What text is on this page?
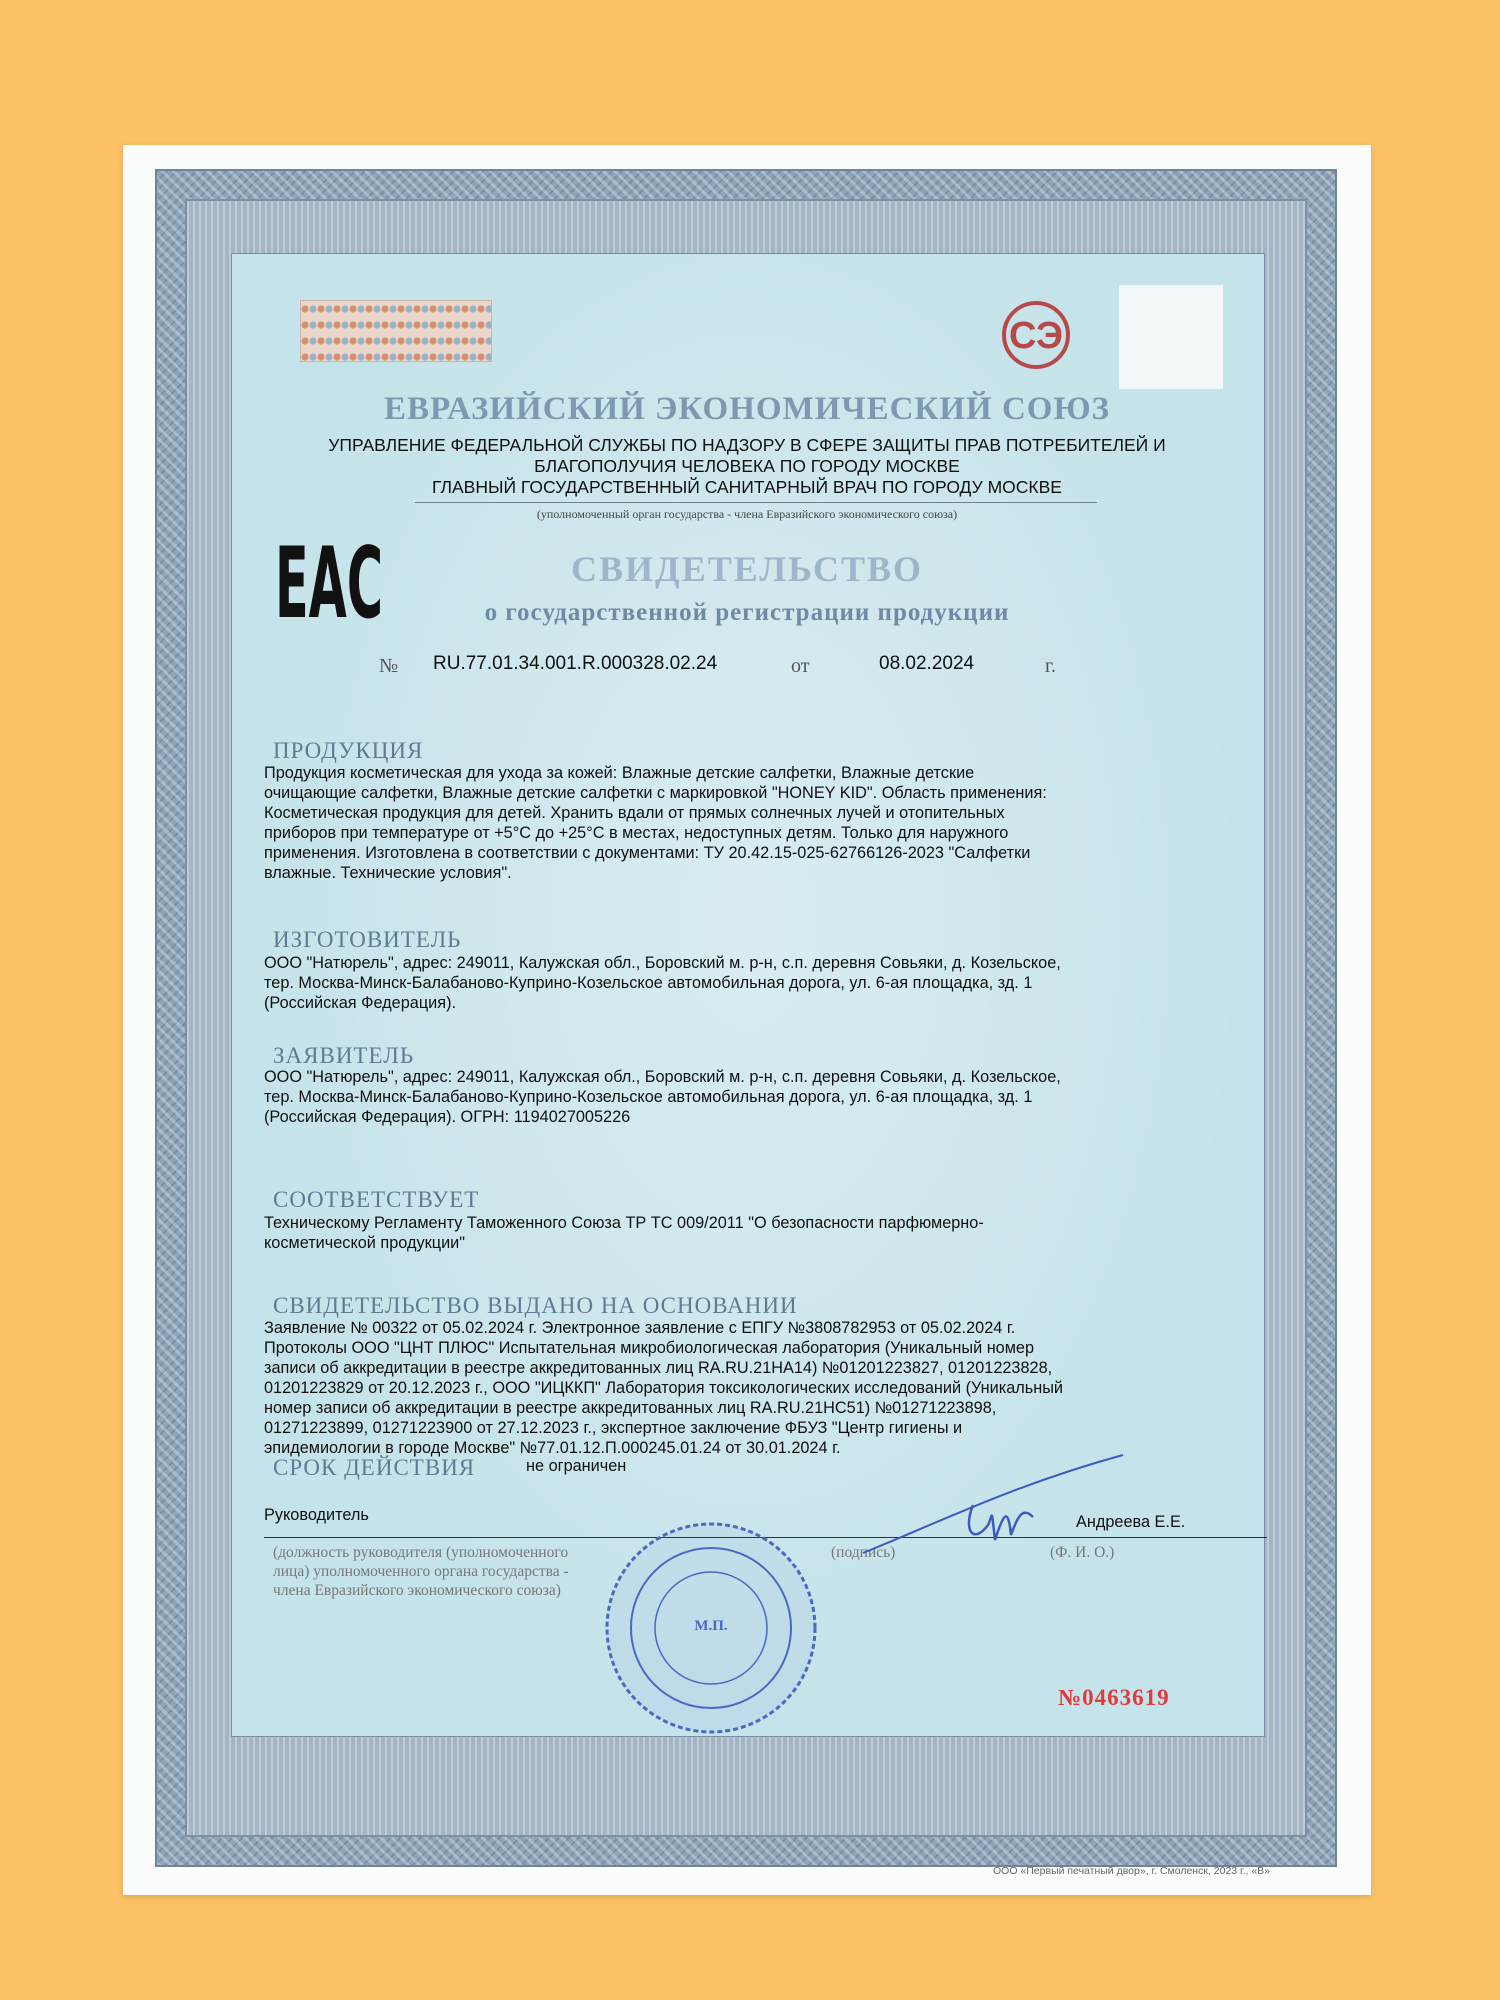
СЭ
ЕВРАЗИЙСКИЙ ЭКОНОМИЧЕСКИЙ СОЮЗ
УПРАВЛЕНИЕ ФЕДЕРАЛЬНОЙ СЛУЖБЫ ПО НАДЗОРУ В СФЕРЕ ЗАЩИТЫ ПРАВ ПОТРЕБИТЕЛЕЙ И
БЛАГОПОЛУЧИЯ ЧЕЛОВЕКА ПО ГОРОДУ МОСКВЕ
ГЛАВНЫЙ ГОСУДАРСТВЕННЫЙ САНИТАРНЫЙ ВРАЧ ПО ГОРОДУ МОСКВЕ
(уполномоченный орган государства - члена Евразийского экономического союза)
EAC	СВИДЕТЕЛЬСТВО
о государственной регистрации продукции
№ RU.77.01.34.001.R.000328.02.24	от	08.02.2024	г.
ПРОДУКЦИЯ
Продукция косметическая для ухода за кожей: Влажные детские салфетки, Влажные детские
очищающие салфетки, Влажные детские салфетки с маркировкой "HONEY KID". Область применения:
Косметическая продукция для детей. Хранить вдали от прямых солнечных лучей и отопительных
приборов при температуре от +5°С до +25°С в местах, недоступных детям. Только для наружного
применения. Изготовлена в соответствии с документами: ТУ 20.42.15-025-62766126-2023 "Салфетки
влажные. Технические условия".
ИЗГОТОВИТЕЛЬ
ООО "Натюрель", адрес: 249011, Калужская обл., Боровский м. р-н, с.п. деревня Совьяки, д. Козельское,
тер. Москва-Минск-Балабаново-Куприно-Козельское автомобильная дорога, ул. 6-ая площадка, зд. 1
(Российская Федерация).
ЗАЯВИТЕЛЬ
ООО "Натюрель", адрес: 249011, Калужская обл., Боровский м. р-н, с.п. деревня Совьяки, д. Козельское,
тер. Москва-Минск-Балабаново-Куприно-Козельское автомобильная дорога, ул. 6-ая площадка, зд. 1
(Российская Федерация). ОГРН: 1194027005226
СООТВЕТСТВУЕТ
Техническому Регламенту Таможенного Союза ТР ТС 009/2011 "О безопасности парфюмерно-
косметической продукции"
СВИДЕТЕЛЬСТВО ВЫДАНО НА ОСНОВАНИИ
Заявление № 00322 от 05.02.2024 г. Электронное заявление с ЕПГУ №3808782953 от 05.02.2024 г.
Протоколы ООО "ЦНТ ПЛЮС" Испытательная микробиологическая лаборатория (Уникальный номер
записи об аккредитации в реестре аккредитованных лиц RA.RU.21HA14) №01201223827, 01201223828,
01201223829 от 20.12.2023 г., ООО "ИЦККП" Лаборатория токсикологических исследований (Уникальный
номер записи об аккредитации в реестре аккредитованных лиц RA.RU.21HC51) №01271223898,
01271223899, 01271223900 от 27.12.2023 г., экспертное заключение ФБУЗ "Центр гигиены и
эпидемиологии в городе Москве" №77.01.12.П.000245.01.24 от 30.01.2024 г.
СРОК ДЕЙСТВИЯ	не ограничен
Руководитель	Андреева Е.Е.
(должность руководителя (уполномоченного
лица) уполномоченного органа государства -
члена Евразийского экономического союза)
(подпись)	(Ф. И. О.)
М.П.
№0463619
ООО «Первый печатный двор», г. Смоленск, 2023 г., «В»
